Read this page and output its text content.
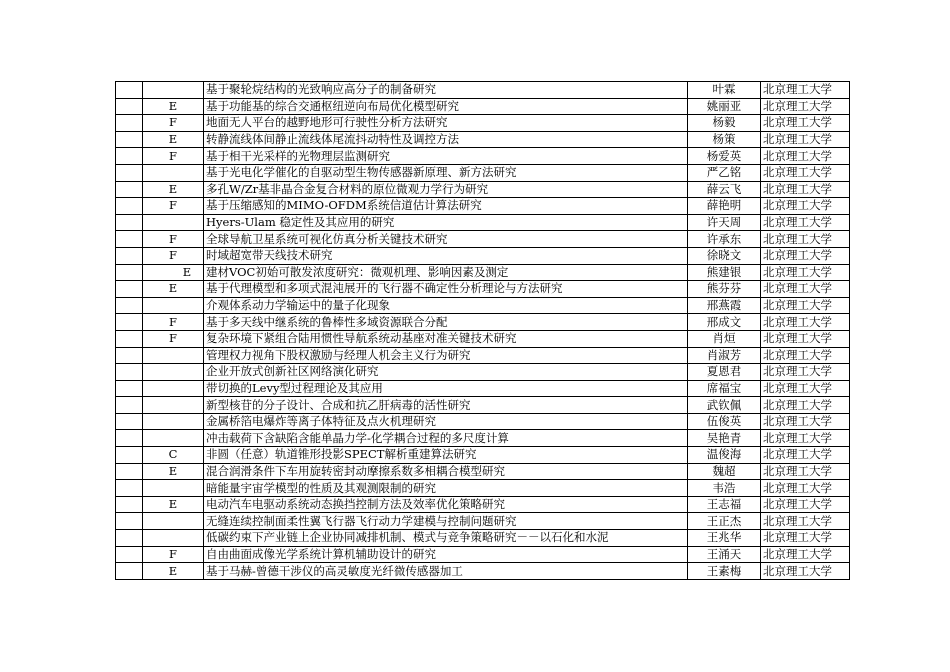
		基于聚轮烷结构的光致响应高分子的制备研究	叶霖	北京理工大学
	E	基于功能基的综合交通枢纽逆向布局优化模型研究	姚丽亚	北京理工大学
	F	地面无人平台的越野地形可行驶性分析方法研究	杨毅	北京理工大学
	E	转静流线体间静止流线体尾流抖动特性及调控方法	杨策	北京理工大学
	F	基于相干光采样的光物理层监测研究	杨爱英	北京理工大学
		基于光电化学催化的自驱动型生物传感器新原理、新方法研究	严乙铭	北京理工大学
	E	多孔W/Zr基非晶合金复合材料的原位微观力学行为研究	薛云飞	北京理工大学
	F	基于压缩感知的MIMO-OFDM系统信道估计算法研究	薛艳明	北京理工大学
		Hyers-Ulam 稳定性及其应用的研究	许天周	北京理工大学
	F	全球导航卫星系统可视化仿真分析关键技术研究	许承东	北京理工大学
	F	时域超宽带天线技术研究	徐晓文	北京理工大学
	E	建材VOC初始可散发浓度研究：微观机理、影响因素及测定	熊建银	北京理工大学
	E	基于代理模型和多项式混沌展开的飞行器不确定性分析理论与方法研究	熊芬芬	北京理工大学
		介观体系动力学输运中的量子化现象	邢燕霞	北京理工大学
	F	基于多天线中继系统的鲁棒性多域资源联合分配	邢成文	北京理工大学
	F	复杂环境下紧组合陆用惯性导航系统动基座对准关键技术研究	肖烜	北京理工大学
		管理权力视角下股权激励与经理人机会主义行为研究	肖淑芳	北京理工大学
		企业开放式创新社区网络演化研究	夏恩君	北京理工大学
		带切换的Levy型过程理论及其应用	席福宝	北京理工大学
		新型核苷的分子设计、合成和抗乙肝病毒的活性研究	武钦佩	北京理工大学
		金属桥箔电爆炸等离子体特征及点火机理研究	伍俊英	北京理工大学
		冲击载荷下含缺陷含能单晶力学-化学耦合过程的多尺度计算	吴艳青	北京理工大学
	C	非圆（任意）轨道锥形投影SPECT解析重建算法研究	温俊海	北京理工大学
	E	混合润滑条件下车用旋转密封动摩擦系数多相耦合模型研究	魏超	北京理工大学
		暗能量宇宙学模型的性质及其观测限制的研究	韦浩	北京理工大学
	E	电动汽车电驱动系统动态换挡控制方法及效率优化策略研究	王志福	北京理工大学
		无缝连续控制面柔性翼飞行器飞行动力学建模与控制问题研究	王正杰	北京理工大学
		低碳约束下产业链上企业协同减排机制、模式与竞争策略研究－－以石化和水泥	王兆华	北京理工大学
	F	自由曲面成像光学系统计算机辅助设计的研究	王涌天	北京理工大学
	E	基于马赫-曾德干涉仪的高灵敏度光纤微传感器加工	王素梅	北京理工大学
